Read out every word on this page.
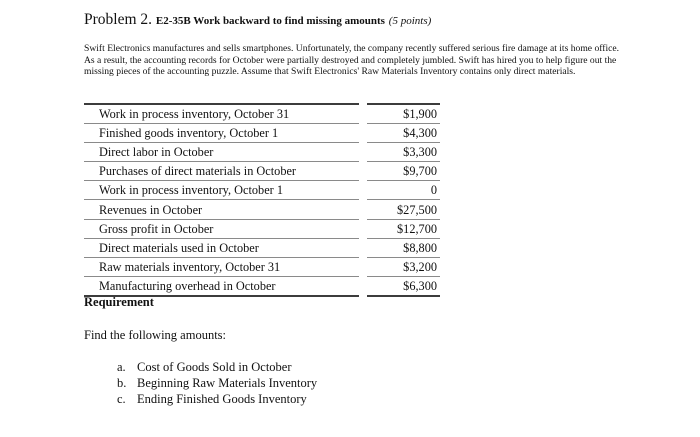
Problem 2. E2-35B Work backward to find missing amounts (5 points)
Swift Electronics manufactures and sells smartphones. Unfortunately, the company recently suffered serious fire damage at its home office. As a result, the accounting records for October were partially destroyed and completely jumbled. Swift has hired you to help figure out the missing pieces of the accounting puzzle. Assume that Swift Electronics' Raw Materials Inventory contains only direct materials.
Work in process inventory, October 31		$1,900
Finished goods inventory, October 1		$4,300
Direct labor in October		$3,300
Purchases of direct materials in October		$9,700
Work in process inventory, October 1		0
Revenues in October		$27,500
Gross profit in October		$12,700
Direct materials used in October		$8,800
Raw materials inventory, October 31		$3,200
Manufacturing overhead in October		$6,300
Requirement
Find the following amounts:
a. Cost of Goods Sold in October
b. Beginning Raw Materials Inventory
c. Ending Finished Goods Inventory
